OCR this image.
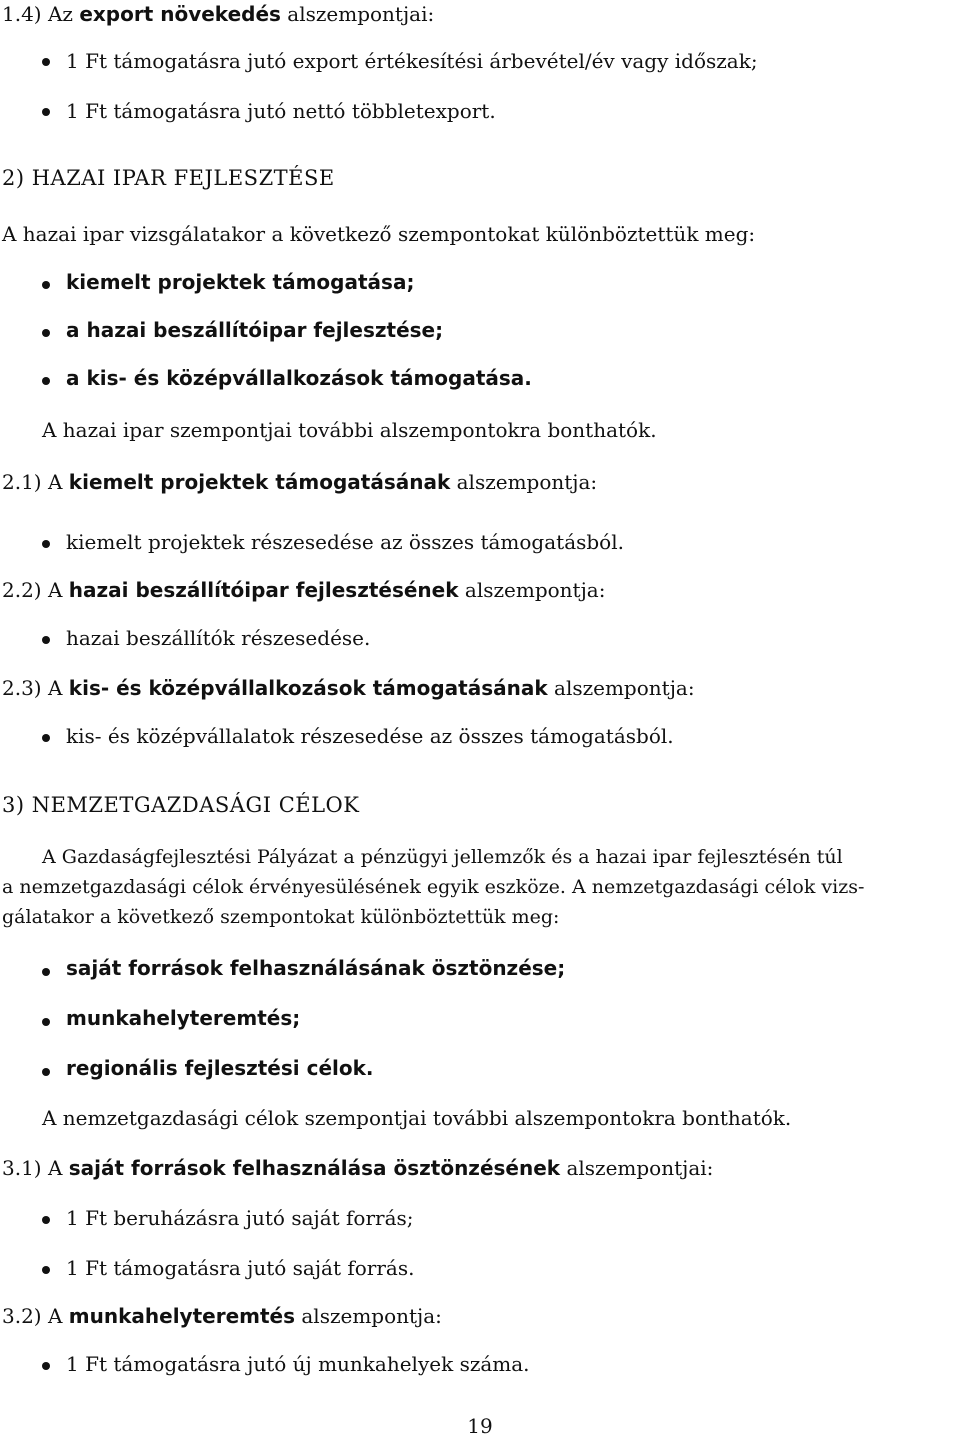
1.4) Az export növekedés alszempontjai:
1 Ft támogatásra jutó export értékesítési árbevétel/év vagy időszak;
1 Ft támogatásra jutó nettó többletexport.
2) HAZAI IPAR FEJLESZTÉSE
A hazai ipar vizsgálatakor a következő szempontokat különböztettük meg:
kiemelt projektek támogatása;
a hazai beszállítóipar fejlesztése;
a kis- és középvállalkozások támogatása.
A hazai ipar szempontjai további alszempontokra bonthatók.
2.1) A kiemelt projektek támogatásának alszempontja:
kiemelt projektek részesedése az összes támogatásból.
2.2) A hazai beszállítóipar fejlesztésének alszempontja:
hazai beszállítók részesedése.
2.3) A kis- és középvállalkozások támogatásának alszempontja:
kis- és középvállalatok részesedése az összes támogatásból.
3) NEMZETGAZDASÁGI CÉLOK
A Gazdaságfejlesztési Pályázat a pénzügyi jellemzők és a hazai ipar fejlesztésén túl
a nemzetgazdasági célok érvényesülésének egyik eszköze. A nemzetgazdasági célok vizs-
gálatakor a következő szempontokat különböztettük meg:
saját források felhasználásának ösztönzése;
munkahelyteremtés;
regionális fejlesztési célok.
A nemzetgazdasági célok szempontjai további alszempontokra bonthatók.
3.1) A saját források felhasználása ösztönzésének alszempontjai:
1 Ft beruházásra jutó saját forrás;
1 Ft támogatásra jutó saját forrás.
3.2) A munkahelyteremtés alszempontja:
1 Ft támogatásra jutó új munkahelyek száma.
19
